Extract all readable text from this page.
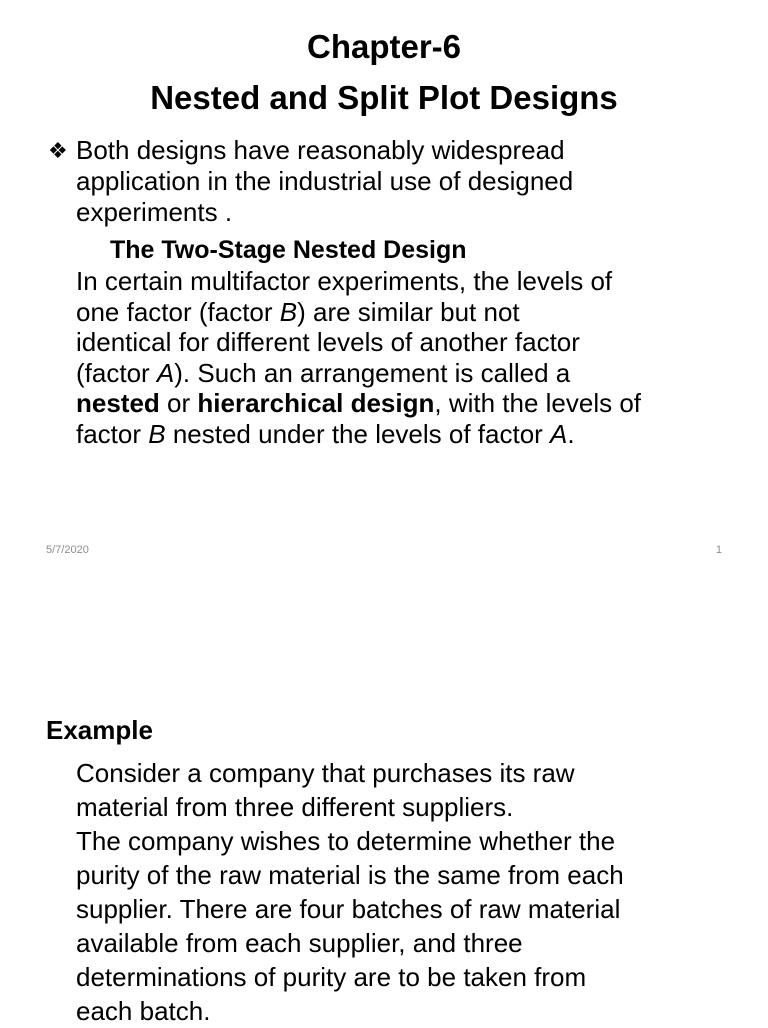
Chapter-6
Nested and Split Plot Designs
❖ Both designs have reasonably widespread application in the industrial use of designed experiments .
The Two-Stage Nested Design
In certain multifactor experiments, the levels of
one factor (factor B) are similar but not
identical for different levels of another factor
(factor A). Such an arrangement is called a
nested or hierarchical design, with the levels of
factor B nested under the levels of factor A.
5/7/2020	1
Example
Consider a company that purchases its raw
material from three different suppliers.
The company wishes to determine whether the
purity of the raw material is the same from each
supplier. There are four batches of raw material
available from each supplier, and three
determinations of purity are to be taken from
each batch.
